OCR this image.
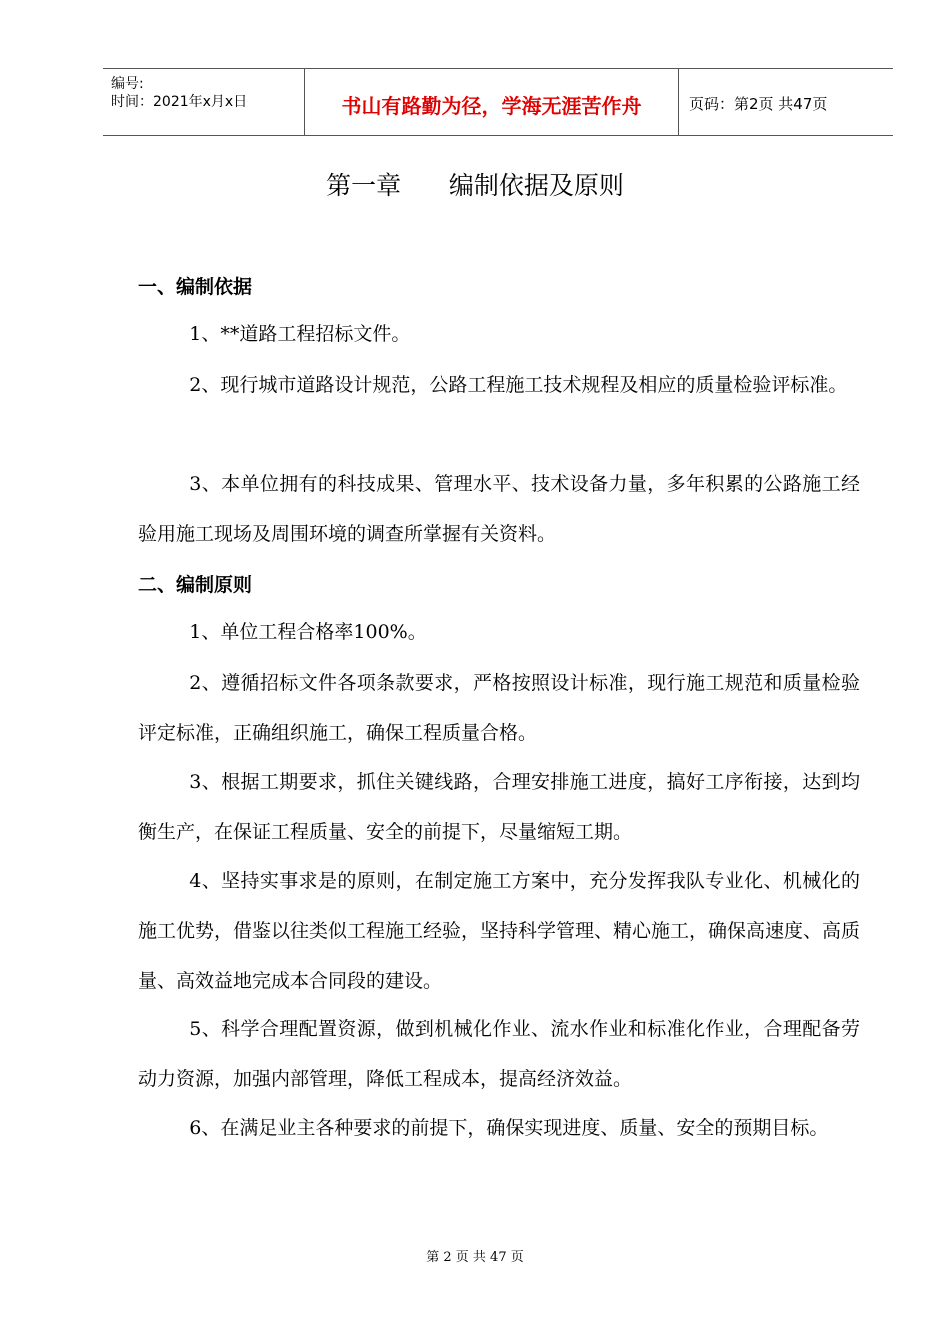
编号:
时间：2021年x月x日	书山有路勤为径，学海无涯苦作舟	页码：第2页 共47页
第一章      编制依据及原则
一、编制依据
1、**道路工程招标文件。
2、现行城市道路设计规范，公路工程施工技术规程及相应的质量检验评标准。
3、本单位拥有的科技成果、管理水平、技术设备力量，多年积累的公路施工经验用施工现场及周围环境的调查所掌握有关资料。
二、编制原则
1、单位工程合格率100%。
2、遵循招标文件各项条款要求，严格按照设计标准，现行施工规范和质量检验评定标准，正确组织施工，确保工程质量合格。
3、根据工期要求，抓住关键线路，合理安排施工进度，搞好工序衔接，达到均衡生产，在保证工程质量、安全的前提下，尽量缩短工期。
4、坚持实事求是的原则，在制定施工方案中，充分发挥我队专业化、机械化的施工优势，借鉴以往类似工程施工经验，坚持科学管理、精心施工，确保高速度、高质量、高效益地完成本合同段的建设。
5、科学合理配置资源，做到机械化作业、流水作业和标准化作业，合理配备劳动力资源，加强内部管理，降低工程成本，提高经济效益。
6、在满足业主各种要求的前提下，确保实现进度、质量、安全的预期目标。
第 2 页 共 47 页
